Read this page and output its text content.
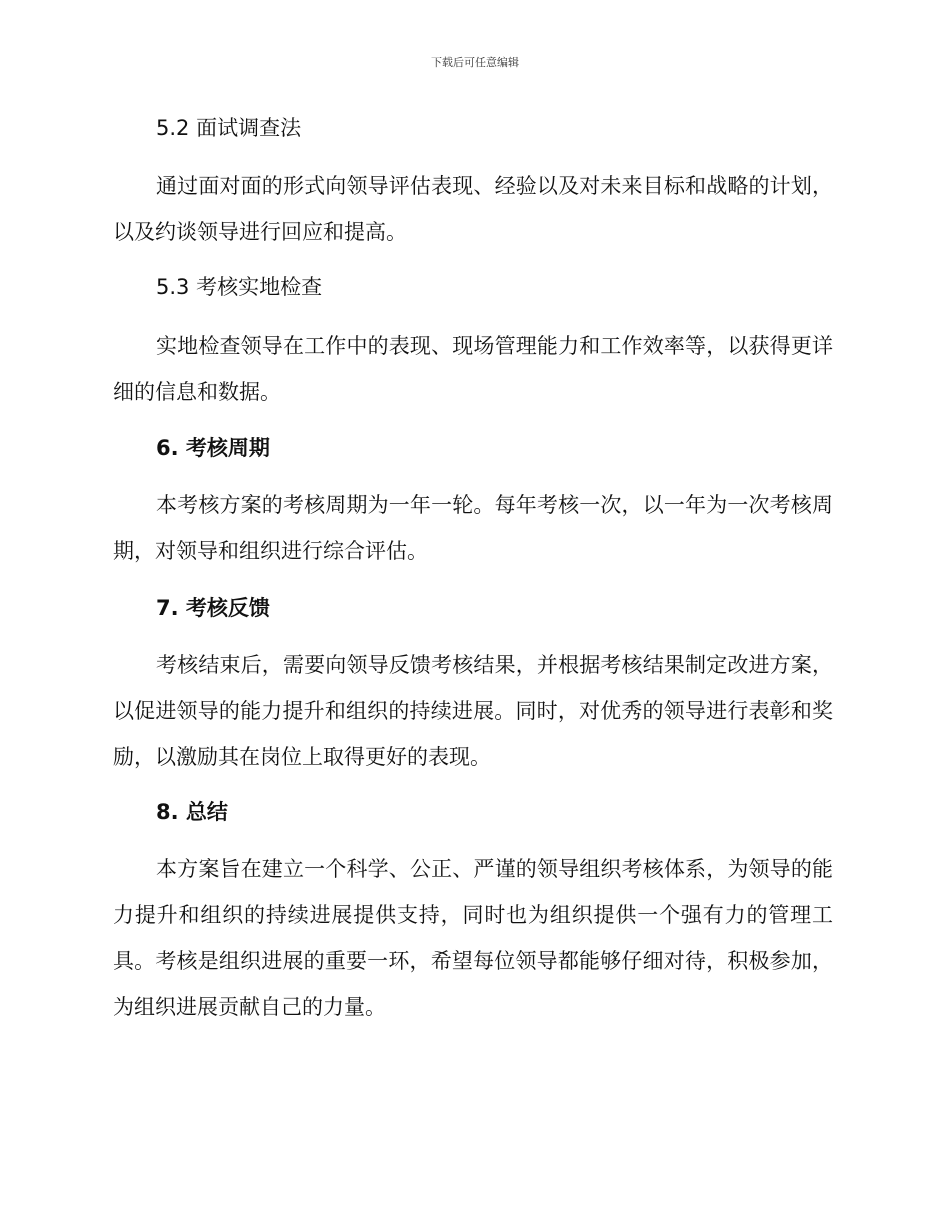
下载后可任意编辑
5.2 面试调查法

通过面对面的形式向领导评估表现、经验以及对未来目标和战略的计划，以及约谈领导进行回应和提高。

5.3 考核实地检查

实地检查领导在工作中的表现、现场管理能力和工作效率等，以获得更详细的信息和数据。

6. 考核周期

本考核方案的考核周期为一年一轮。每年考核一次，以一年为一次考核周期，对领导和组织进行综合评估。

7. 考核反馈

考核结束后，需要向领导反馈考核结果，并根据考核结果制定改进方案，以促进领导的能力提升和组织的持续进展。同时，对优秀的领导进行表彰和奖励，以激励其在岗位上取得更好的表现。

8. 总结

本方案旨在建立一个科学、公正、严谨的领导组织考核体系，为领导的能力提升和组织的持续进展提供支持，同时也为组织提供一个强有力的管理工具。考核是组织进展的重要一环，希望每位领导都能够仔细对待，积极参加，为组织进展贡献自己的力量。
